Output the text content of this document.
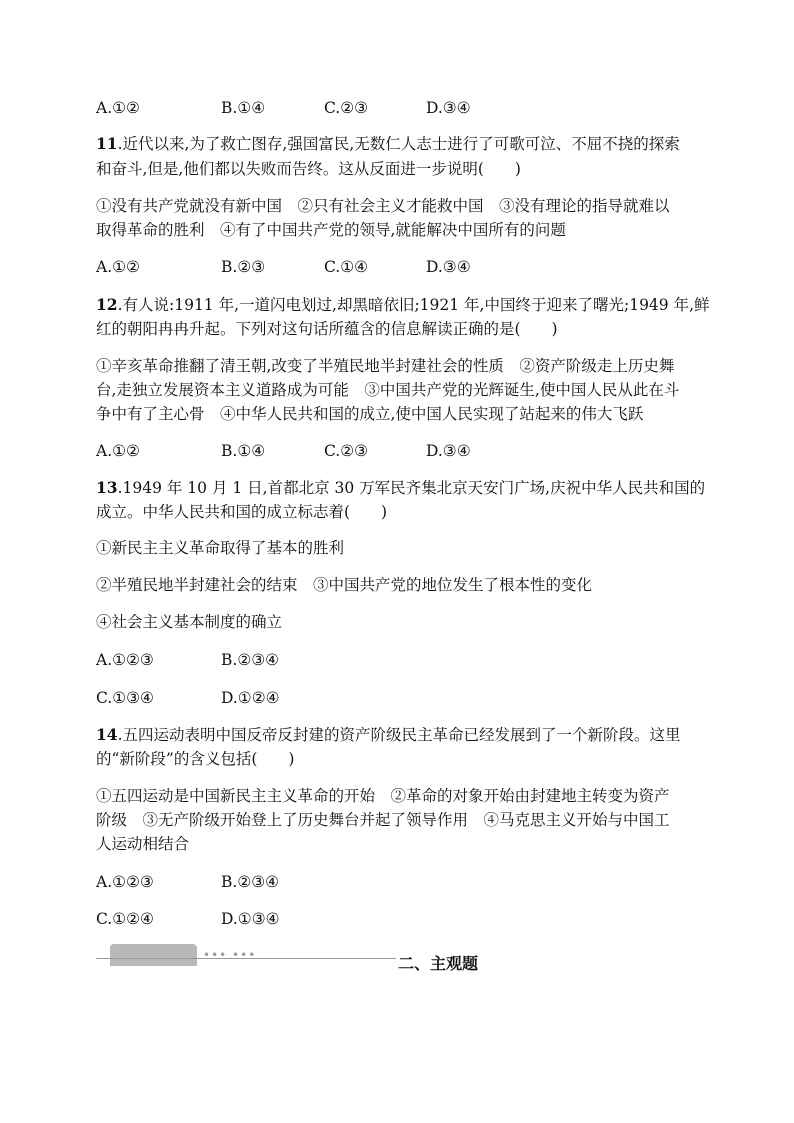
A.①②	B.①④	C.②③	D.③④
11.近代以来,为了救亡图存,强国富民,无数仁人志士进行了可歌可泣、不屈不挠的探索
和奋斗,但是,他们都以失败而告终。这从反面进一步说明(　　)
①没有共产党就没有新中国　②只有社会主义才能救中国　③没有理论的指导就难以
取得革命的胜利　④有了中国共产党的领导,就能解决中国所有的问题
A.①②	B.②③	C.①④	D.③④
12.有人说:1911 年,一道闪电划过,却黑暗依旧;1921 年,中国终于迎来了曙光;1949 年,鲜
红的朝阳冉冉升起。下列对这句话所蕴含的信息解读正确的是(　　)
①辛亥革命推翻了清王朝,改变了半殖民地半封建社会的性质　②资产阶级走上历史舞
台,走独立发展资本主义道路成为可能　③中国共产党的光辉诞生,使中国人民从此在斗
争中有了主心骨　④中华人民共和国的成立,使中国人民实现了站起来的伟大飞跃
A.①②	B.①④	C.②③	D.③④
13.1949 年 10 月 1 日,首都北京 30 万军民齐集北京天安门广场,庆祝中华人民共和国的
成立。中华人民共和国的成立标志着(　　)
①新民主主义革命取得了基本的胜利
②半殖民地半封建社会的结束　③中国共产党的地位发生了根本性的变化
④社会主义基本制度的确立
A.①②③	B.②③④
C.①③④	D.①②④
14.五四运动表明中国反帝反封建的资产阶级民主革命已经发展到了一个新阶段。这里
的“新阶段”的含义包括(　　)
①五四运动是中国新民主主义革命的开始　②革命的对象开始由封建地主转变为资产
阶级　③无产阶级开始登上了历史舞台并起了领导作用　④马克思主义开始与中国工
人运动相结合
A.①②③	B.②③④
C.①②④	D.①③④
••• •••	二、主观题
